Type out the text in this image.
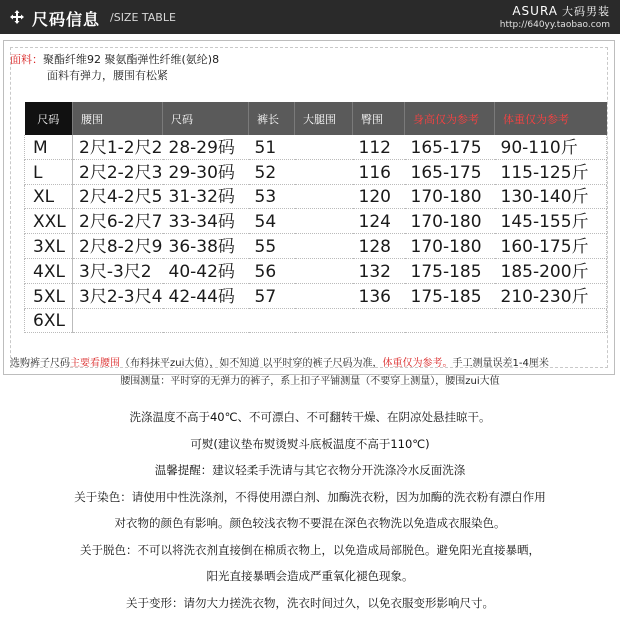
尺码信息 /SIZE TABLE	ASURA 大码男装
http://640yy.taobao.com
面料：聚酯纤维92 聚氨酯弹性纤维(氨纶)8
面料有弹力，腰围有松紧
尺码	腰围	尺码	裤长	大腿围	臀围	身高仅为参考	体重仅为参考
M	2尺1-2尺2	28-29码	51		112	165-175	90-110斤
L	2尺2-2尺3	29-30码	52		116	165-175	115-125斤
XL	2尺4-2尺5	31-32码	53		120	170-180	130-140斤
XXL	2尺6-2尺7	33-34码	54		124	170-180	145-155斤
3XL	2尺8-2尺9	36-38码	55		128	170-180	160-175斤
4XL	3尺-3尺2	40-42码	56		132	175-185	185-200斤
5XL	3尺2-3尺4	42-44码	57		136	175-185	210-230斤
6XL							
选购裤子尺码主要看腰围（布料抹平zui大值），如不知道 以平时穿的裤子尺码为准，体重仅为参考。手工测量误差1-4厘米
腰围测量：平时穿的无弹力的裤子，系上扣子平铺测量（不要穿上测量），腰围zui大值
洗涤温度不高于40℃、不可漂白、不可翻转干燥、在阴凉处悬挂晾干。
可熨(建议垫布熨烫熨斗底板温度不高于110℃)
温馨提醒：建议轻柔手洗请与其它衣物分开洗涤冷水反面洗涤
关于染色：请使用中性洗涤剂，不得使用漂白剂、加酶洗衣粉，因为加酶的洗衣粉有漂白作用
对衣物的颜色有影响。颜色较浅衣物不要混在深色衣物洗以免造成衣服染色。
关于脱色：不可以将洗衣剂直接倒在棉质衣物上，以免造成局部脱色。避免阳光直接暴晒，
阳光直接暴晒会造成严重氧化褪色现象。
关于变形：请勿大力搓洗衣物，洗衣时间过久，以免衣服变形影响尺寸。
